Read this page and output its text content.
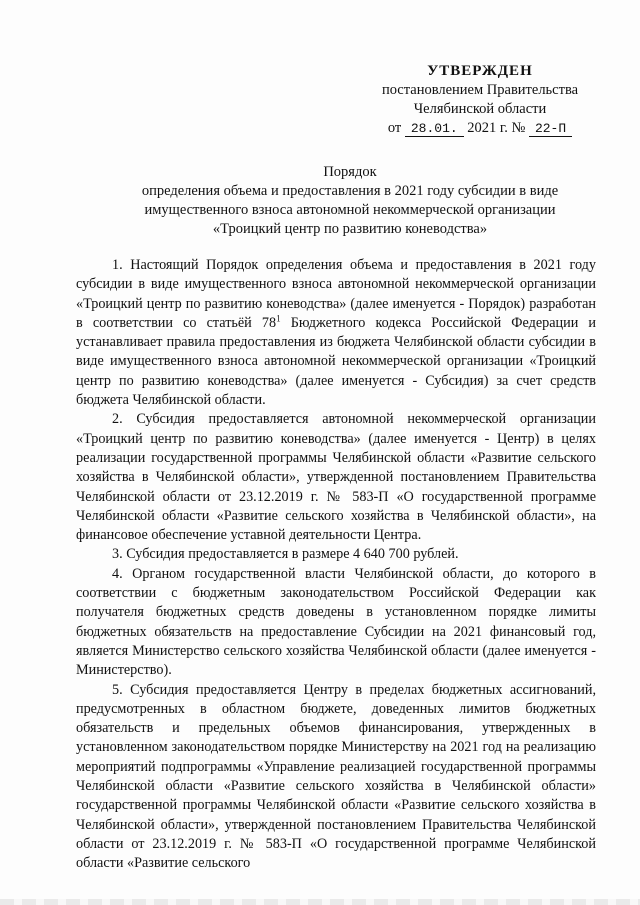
УТВЕРЖДЕН
постановлением Правительства
Челябинской области
от 28.01. 2021 г. № 22-П
Порядок
определения объема и предоставления в 2021 году субсидии в виде
имущественного взноса автономной некоммерческой организации
«Троицкий центр по развитию коневодства»

1. Настоящий Порядок определения объема и предоставления в 2021 году субсидии в виде имущественного взноса автономной некоммерческой организации «Троицкий центр по развитию коневодства» (далее именуется - Порядок) разработан в соответствии со статьёй $78^1$ Бюджетного кодекса Российской Федерации и устанавливает правила предоставления из бюджета Челябинской области субсидии в виде имущественного взноса автономной некоммерческой организации «Троицкий центр по развитию коневодства» (далее именуется - Субсидия) за счет средств бюджета Челябинской области.

2. Субсидия предоставляется автономной некоммерческой организации «Троицкий центр по развитию коневодства» (далее именуется - Центр) в целях реализации государственной программы Челябинской области «Развитие сельского хозяйства в Челябинской области», утвержденной постановлением Правительства Челябинской области от 23.12.2019 г. № 583-П «О государственной программе Челябинской области «Развитие сельского хозяйства в Челябинской области», на финансовое обеспечение уставной деятельности Центра.

3. Субсидия предоставляется в размере 4 640 700 рублей.

4. Органом государственной власти Челябинской области, до которого в соответствии с бюджетным законодательством Российской Федерации как получателя бюджетных средств доведены в установленном порядке лимиты бюджетных обязательств на предоставление Субсидии на 2021 финансовый год, является Министерство сельского хозяйства Челябинской области (далее именуется - Министерство).

5. Субсидия предоставляется Центру в пределах бюджетных ассигнований, предусмотренных в областном бюджете, доведенных лимитов бюджетных обязательств и предельных объемов финансирования, утвержденных в установленном законодательством порядке Министерству на 2021 год на реализацию мероприятий подпрограммы «Управление реализацией государственной программы Челябинской области «Развитие сельского хозяйства в Челябинской области» государственной программы Челябинской области «Развитие сельского хозяйства в Челябинской области», утвержденной постановлением Правительства Челябинской области от 23.12.2019 г. № 583-П «О государственной программе Челябинской области «Развитие сельского
